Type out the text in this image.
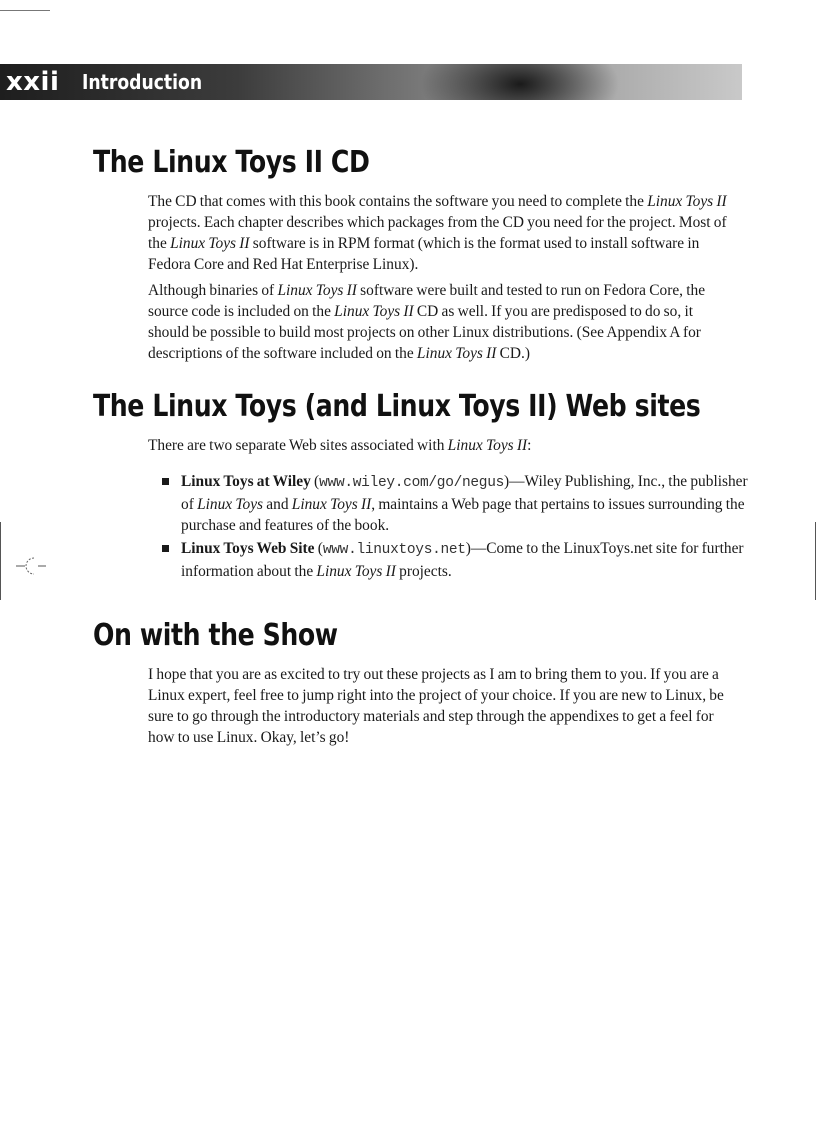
xxii Introduction
The Linux Toys II CD

The CD that comes with this book contains the software you need to complete the Linux Toys II projects. Each chapter describes which packages from the CD you need for the project. Most of the Linux Toys II software is in RPM format (which is the format used to install software in Fedora Core and Red Hat Enterprise Linux).

Although binaries of Linux Toys II software were built and tested to run on Fedora Core, the source code is included on the Linux Toys II CD as well. If you are predisposed to do so, it should be possible to build most projects on other Linux distributions. (See Appendix A for descriptions of the software included on the Linux Toys II CD.)

The Linux Toys (and Linux Toys II) Web sites

There are two separate Web sites associated with Linux Toys II:

Linux Toys at Wiley (www.wiley.com/go/negus)—Wiley Publishing, Inc., the publisher of Linux Toys and Linux Toys II, maintains a Web page that pertains to issues surrounding the purchase and features of the book.

Linux Toys Web Site (www.linuxtoys.net)—Come to the LinuxToys.net site for further information about the Linux Toys II projects.

On with the Show

I hope that you are as excited to try out these projects as I am to bring them to you. If you are a Linux expert, feel free to jump right into the project of your choice. If you are new to Linux, be sure to go through the introductory materials and step through the appendixes to get a feel for how to use Linux. Okay, let’s go!
